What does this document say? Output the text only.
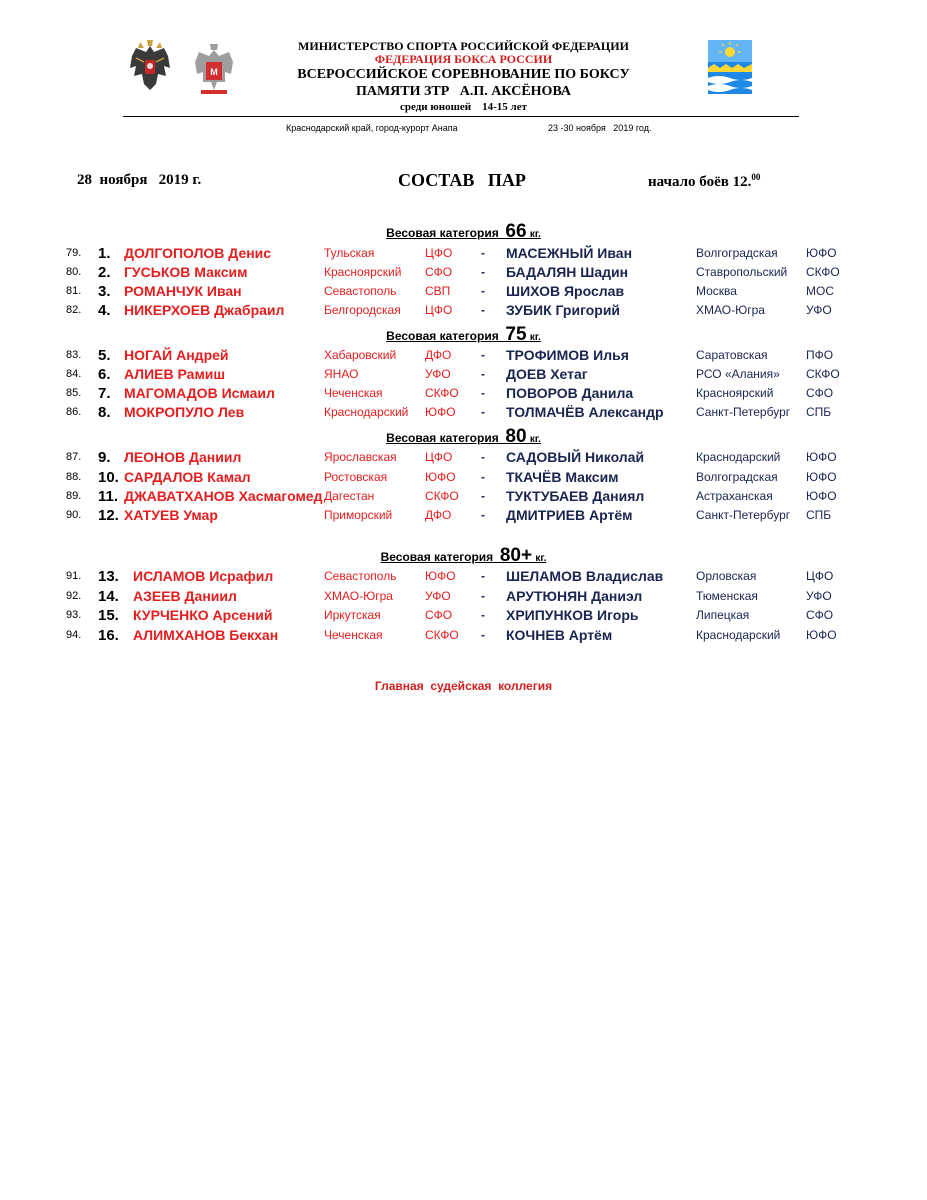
M
МИНИСТЕРСТВО СПОРТА РОССИЙСКОЙ ФЕДЕРАЦИИ
ФЕДЕРАЦИЯ БОКСА РОССИИ
ВСЕРОССИЙСКОЕ СОРЕВНОВАНИЕ ПО БОКСУ
ПАМЯТИ ЗТР   А.П. АКСЁНОВА
среди юношей    14-15 лет
Краснодарский край, город-курорт Анапа	23 -30 ноября   2019 год.
28  ноября   2019 г.	СОСТАВ   ПАР	начало боёв 12.00
Весовая категория 66 кг.
79. 1. ДОЛГОПОЛОВ Денис	Тульская	ЦФО - МАСЕЖНЫЙ Иван	Волгоградская ЮФО
80. 2. ГУСЬКОВ Максим	Красноярский СФО - БАДАЛЯН Шадин	Ставропольский СКФО
81. 3. РОМАНЧУК Иван	Севастополь СВП	- ШИХОВ Ярослав	Москва	МОС
82. 4. НИКЕРХОЕВ Джабраил	Белгородская ЦФО - ЗУБИК Григорий	ХМАО-Югра	УФО
Весовая категория 75 кг.
83. 5. НОГАЙ Андрей	Хабаровский ДФО - ТРОФИМОВ Илья	Саратовская	ПФО
84. 6. АЛИЕВ Рамиш	ЯНАО	УФО	- ДОЕВ Хетаг	РСО «Алания» СКФО
85. 7. МАГОМАДОВ Исмаил	Чеченская	СКФО - ПОВОРОВ Данила	Красноярский	СФО
86. 8. МОКРОПУЛО Лев	Краснодарский ЮФО - ТОЛМАЧЁВ Александр	Санкт-Петербург СПБ
Весовая категория 80 кг.
87. 9. ЛЕОНОВ Даниил	Ярославская ЦФО - САДОВЫЙ Николай	Краснодарский ЮФО
88. 10. САРДАЛОВ Камал	Ростовская	ЮФО - ТКАЧЁВ Максим	Волгоградская ЮФО
89. 11. ДЖАВАТХАНОВ Хасмагомед Дагестан	СКФО - ТУКТУБАЕВ Даниял	Астраханская	ЮФО
90. 12. ХАТУЕВ Умар	Приморский	ДФО - ДМИТРИЕВ Артём	Санкт-Петербург СПБ
Весовая категория 80+ кг.
91. 13. ИСЛАМОВ Исрафил	Севастополь ЮФО - ШЕЛАМОВ Владислав	Орловская	ЦФО
92. 14. АЗЕЕВ Даниил	ХМАО-Югра	УФО	- АРУТЮНЯН Даниэл	Тюменская	УФО
93. 15. КУРЧЕНКО Арсений	Иркутская	СФО - ХРИПУНКОВ Игорь	Липецкая	СФО
94. 16. АЛИМХАНОВ Бекхан	Чеченская	СКФО - КОЧНЕВ Артём	Краснодарский ЮФО
Главная  судейская  коллегия
